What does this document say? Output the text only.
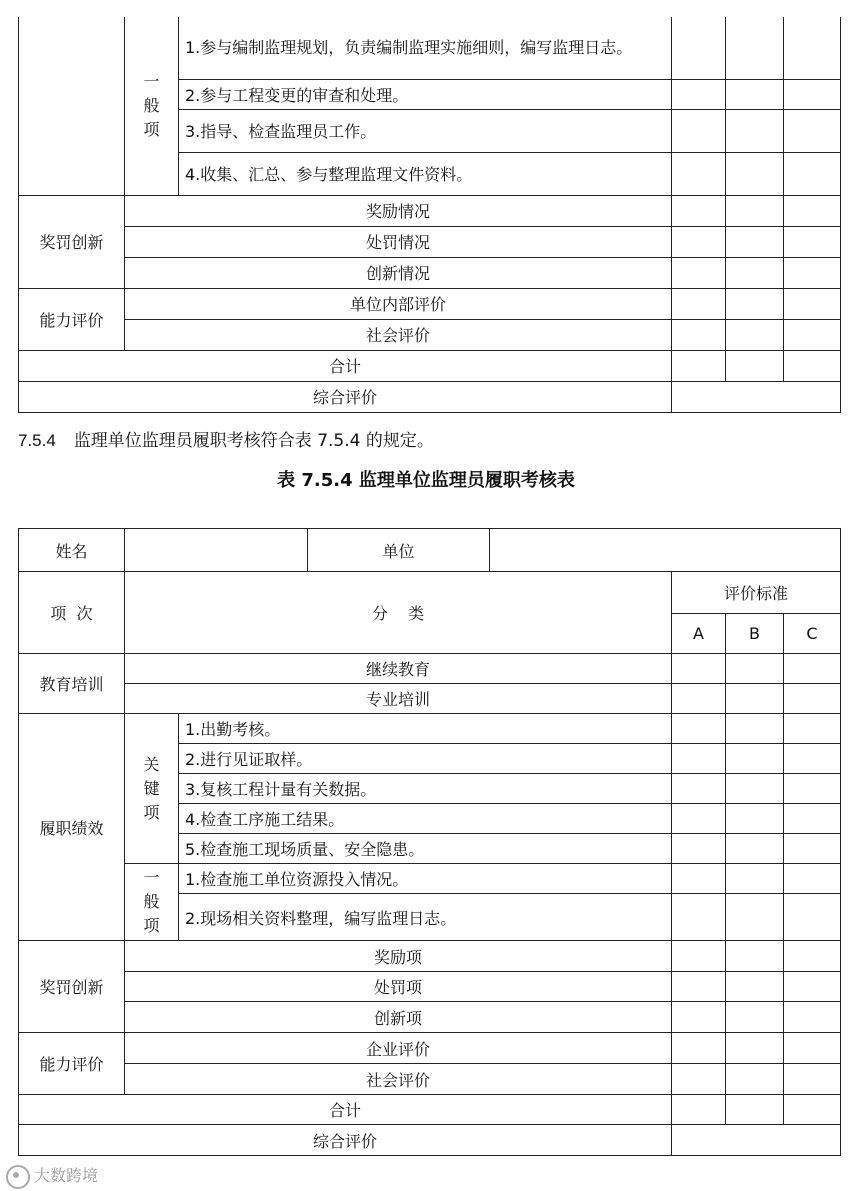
	一
般
项	1.参与编制监理规划，负责编制监理实施细则，编写监理日志。			
		2.参与工程变更的审查和处理。			
		3.指导、检查监理员工作。			
		4.收集、汇总、参与整理监理文件资料。			
奖罚创新	奖励情况				
	处罚情况				
	创新情况				
能力评价	单位内部评价				
	社会评价				
合计					
综合评价					
7.5.4 监理单位监理员履职考核符合表 7.5.4 的规定。
表 7.5.4 监理单位监理员履职考核表
姓名			单位				
项  次	分    类				评价标准		
					A	B	C
教育培训	继续教育						
	专业培训						
履职绩效	关
键
项	1.出勤考核。					
		2.进行见证取样。					
		3.复核工程计量有关数据。					
		4.检查工序施工结果。					
		5.检查施工现场质量、安全隐患。					

	一
般
项	1.检查施工单位资源投入情况。					
		2.现场相关资料整理，编写监理日志。					
奖罚创新	奖励项						
	处罚项						
	创新项						
能力评价	企业评价						
	社会评价						
合计							
综合评价							
大数跨境
